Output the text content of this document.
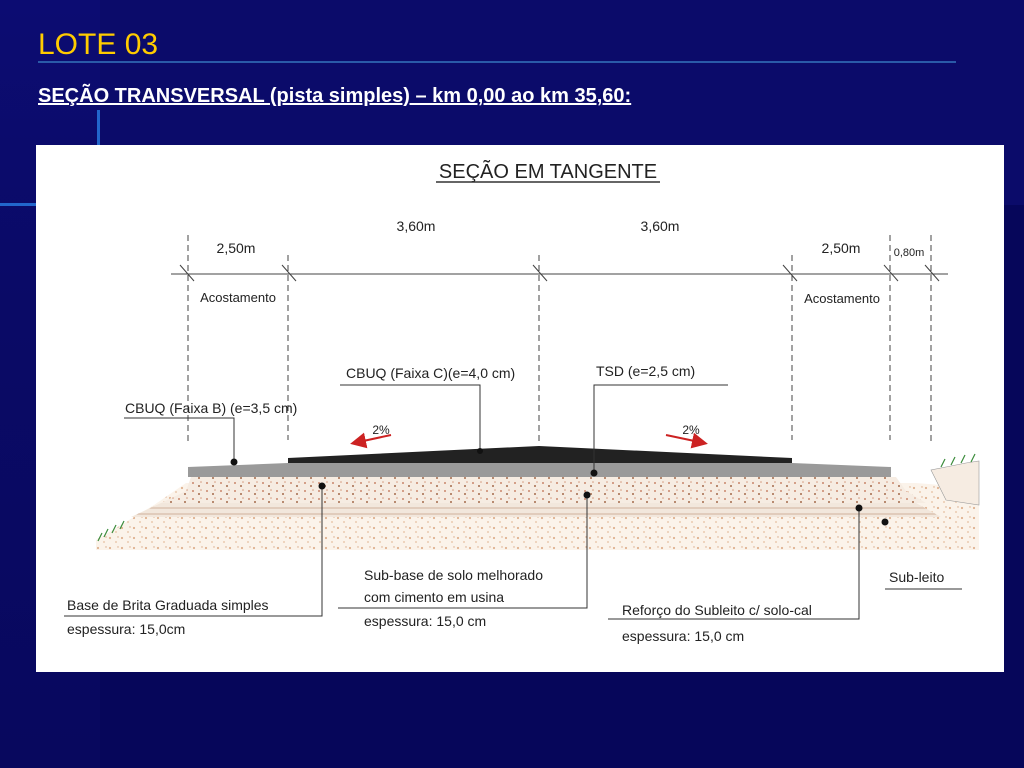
LOTE 03
SEÇÃO TRANSVERSAL (pista simples) – km 0,00 ao km 35,60:
SEÇÃO EM TANGENTE
2,50m
3,60m	3,60m
2,50m	0,80m
Acostamento	Acostamento
2%	2%
CBUQ (Faixa C)(e=4,0 cm)	TSD (e=2,5 cm)
CBUQ (Faixa B) (e=3,5 cm)
Base de Brita Graduada simples
espessura: 15,0cm
Sub-base de solo melhorado
com cimento em usina
espessura: 15,0 cm
Reforço do Subleito c/ solo-cal
espessura: 15,0 cm
Sub-leito
